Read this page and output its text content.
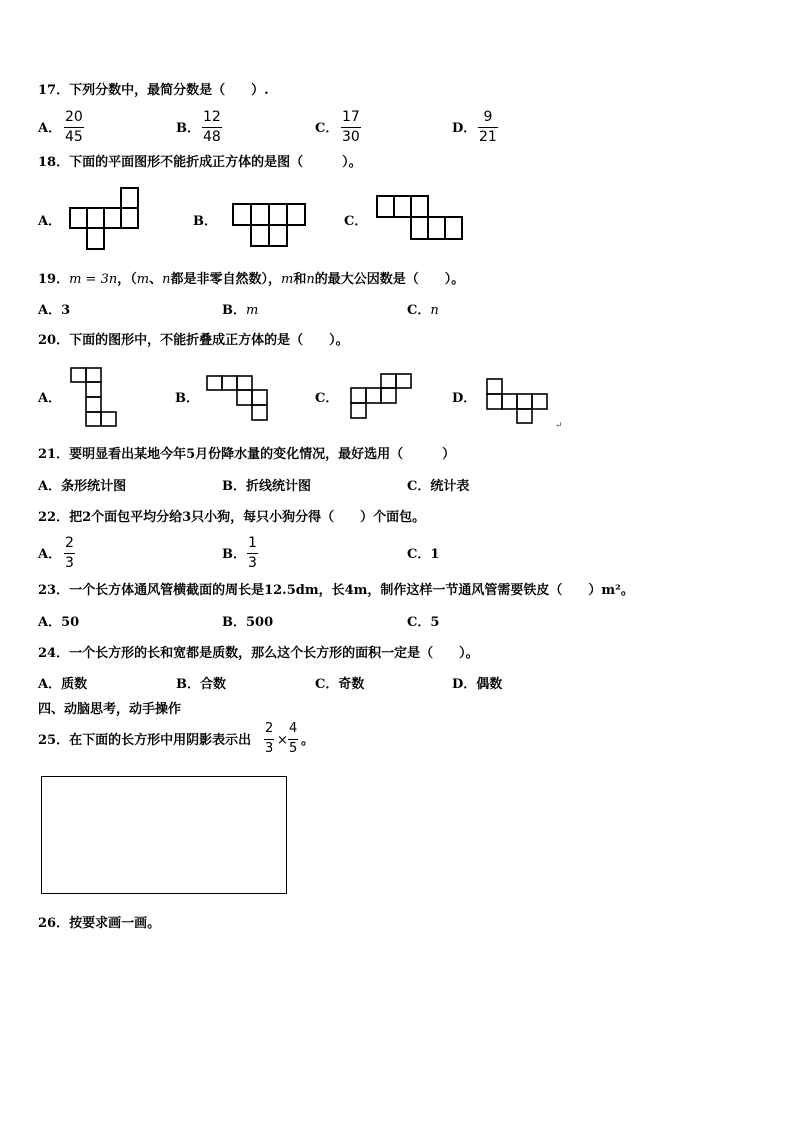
17．下列分数中，最简分数是（　　）.
A．
20
45
B．
12
48
C．
17
30
D．
9
21
18．下面的平面图形不能折成正方体的是图（　　　）。
A．	B．	C．
19．m = 3n，（m、n都是非零自然数），m和n的最大公因数是（　　）。
A．3	B．m	C．n
20．下面的图形中，不能折叠成正方体的是（　　）。
A．	B．	C．	D．
↵
21．要明显看出某地今年5月份降水量的变化情况，最好选用（　　　）
A．条形统计图	B．折线统计图	C．统计表
22．把2个面包平均分给3只小狗，每只小狗分得（　　）个面包。
A．
2
3
B．
1
3
C．1
23．一个长方体通风管横截面的周长是12.5dm，长4m，制作这样一节通风管需要铁皮（　　）m²。
A．50	B．500	C．5
24．一个长方形的长和宽都是质数，那么这个长方形的面积一定是（　　）。
A．质数	B．合数	C．奇数	D．偶数
四、动脑思考，动手操作
25．在下面的长方形中用阴影表示出
2
3
×
4
5
。
26．按要求画一画。
